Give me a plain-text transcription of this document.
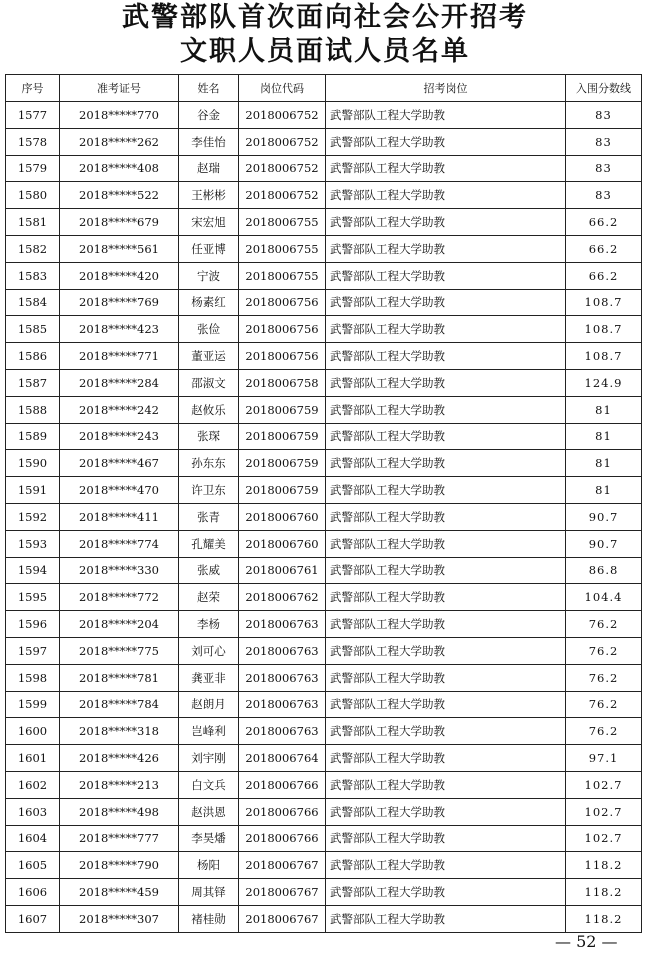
武警部队首次面向社会公开招考
文职人员面试人员名单
序号	准考证号	姓名	岗位代码	招考岗位	入围分数线
1577	2018*****770	谷金	2018006752	武警部队工程大学助教	83
1578	2018*****262	李佳怡	2018006752	武警部队工程大学助教	83
1579	2018*****408	赵瑞	2018006752	武警部队工程大学助教	83
1580	2018*****522	王彬彬	2018006752	武警部队工程大学助教	83
1581	2018*****679	宋宏旭	2018006755	武警部队工程大学助教	66.2
1582	2018*****561	任亚博	2018006755	武警部队工程大学助教	66.2
1583	2018*****420	宁波	2018006755	武警部队工程大学助教	66.2
1584	2018*****769	杨素红	2018006756	武警部队工程大学助教	108.7
1585	2018*****423	张俭	2018006756	武警部队工程大学助教	108.7
1586	2018*****771	董亚运	2018006756	武警部队工程大学助教	108.7
1587	2018*****284	邵淑文	2018006758	武警部队工程大学助教	124.9
1588	2018*****242	赵攸乐	2018006759	武警部队工程大学助教	81
1589	2018*****243	张琛	2018006759	武警部队工程大学助教	81
1590	2018*****467	孙东东	2018006759	武警部队工程大学助教	81
1591	2018*****470	许卫东	2018006759	武警部队工程大学助教	81
1592	2018*****411	张青	2018006760	武警部队工程大学助教	90.7
1593	2018*****774	孔耀美	2018006760	武警部队工程大学助教	90.7
1594	2018*****330	张威	2018006761	武警部队工程大学助教	86.8
1595	2018*****772	赵荣	2018006762	武警部队工程大学助教	104.4
1596	2018*****204	李杨	2018006763	武警部队工程大学助教	76.2
1597	2018*****775	刘可心	2018006763	武警部队工程大学助教	76.2
1598	2018*****781	龚亚非	2018006763	武警部队工程大学助教	76.2
1599	2018*****784	赵朗月	2018006763	武警部队工程大学助教	76.2
1600	2018*****318	岂峰利	2018006763	武警部队工程大学助教	76.2
1601	2018*****426	刘宇刚	2018006764	武警部队工程大学助教	97.1
1602	2018*****213	白文兵	2018006766	武警部队工程大学助教	102.7
1603	2018*****498	赵洪恩	2018006766	武警部队工程大学助教	102.7
1604	2018*****777	李昊燔	2018006766	武警部队工程大学助教	102.7
1605	2018*****790	杨阳	2018006767	武警部队工程大学助教	118.2
1606	2018*****459	周其铎	2018006767	武警部队工程大学助教	118.2
1607	2018*****307	褚桂勋	2018006767	武警部队工程大学助教	118.2
— 52 —
